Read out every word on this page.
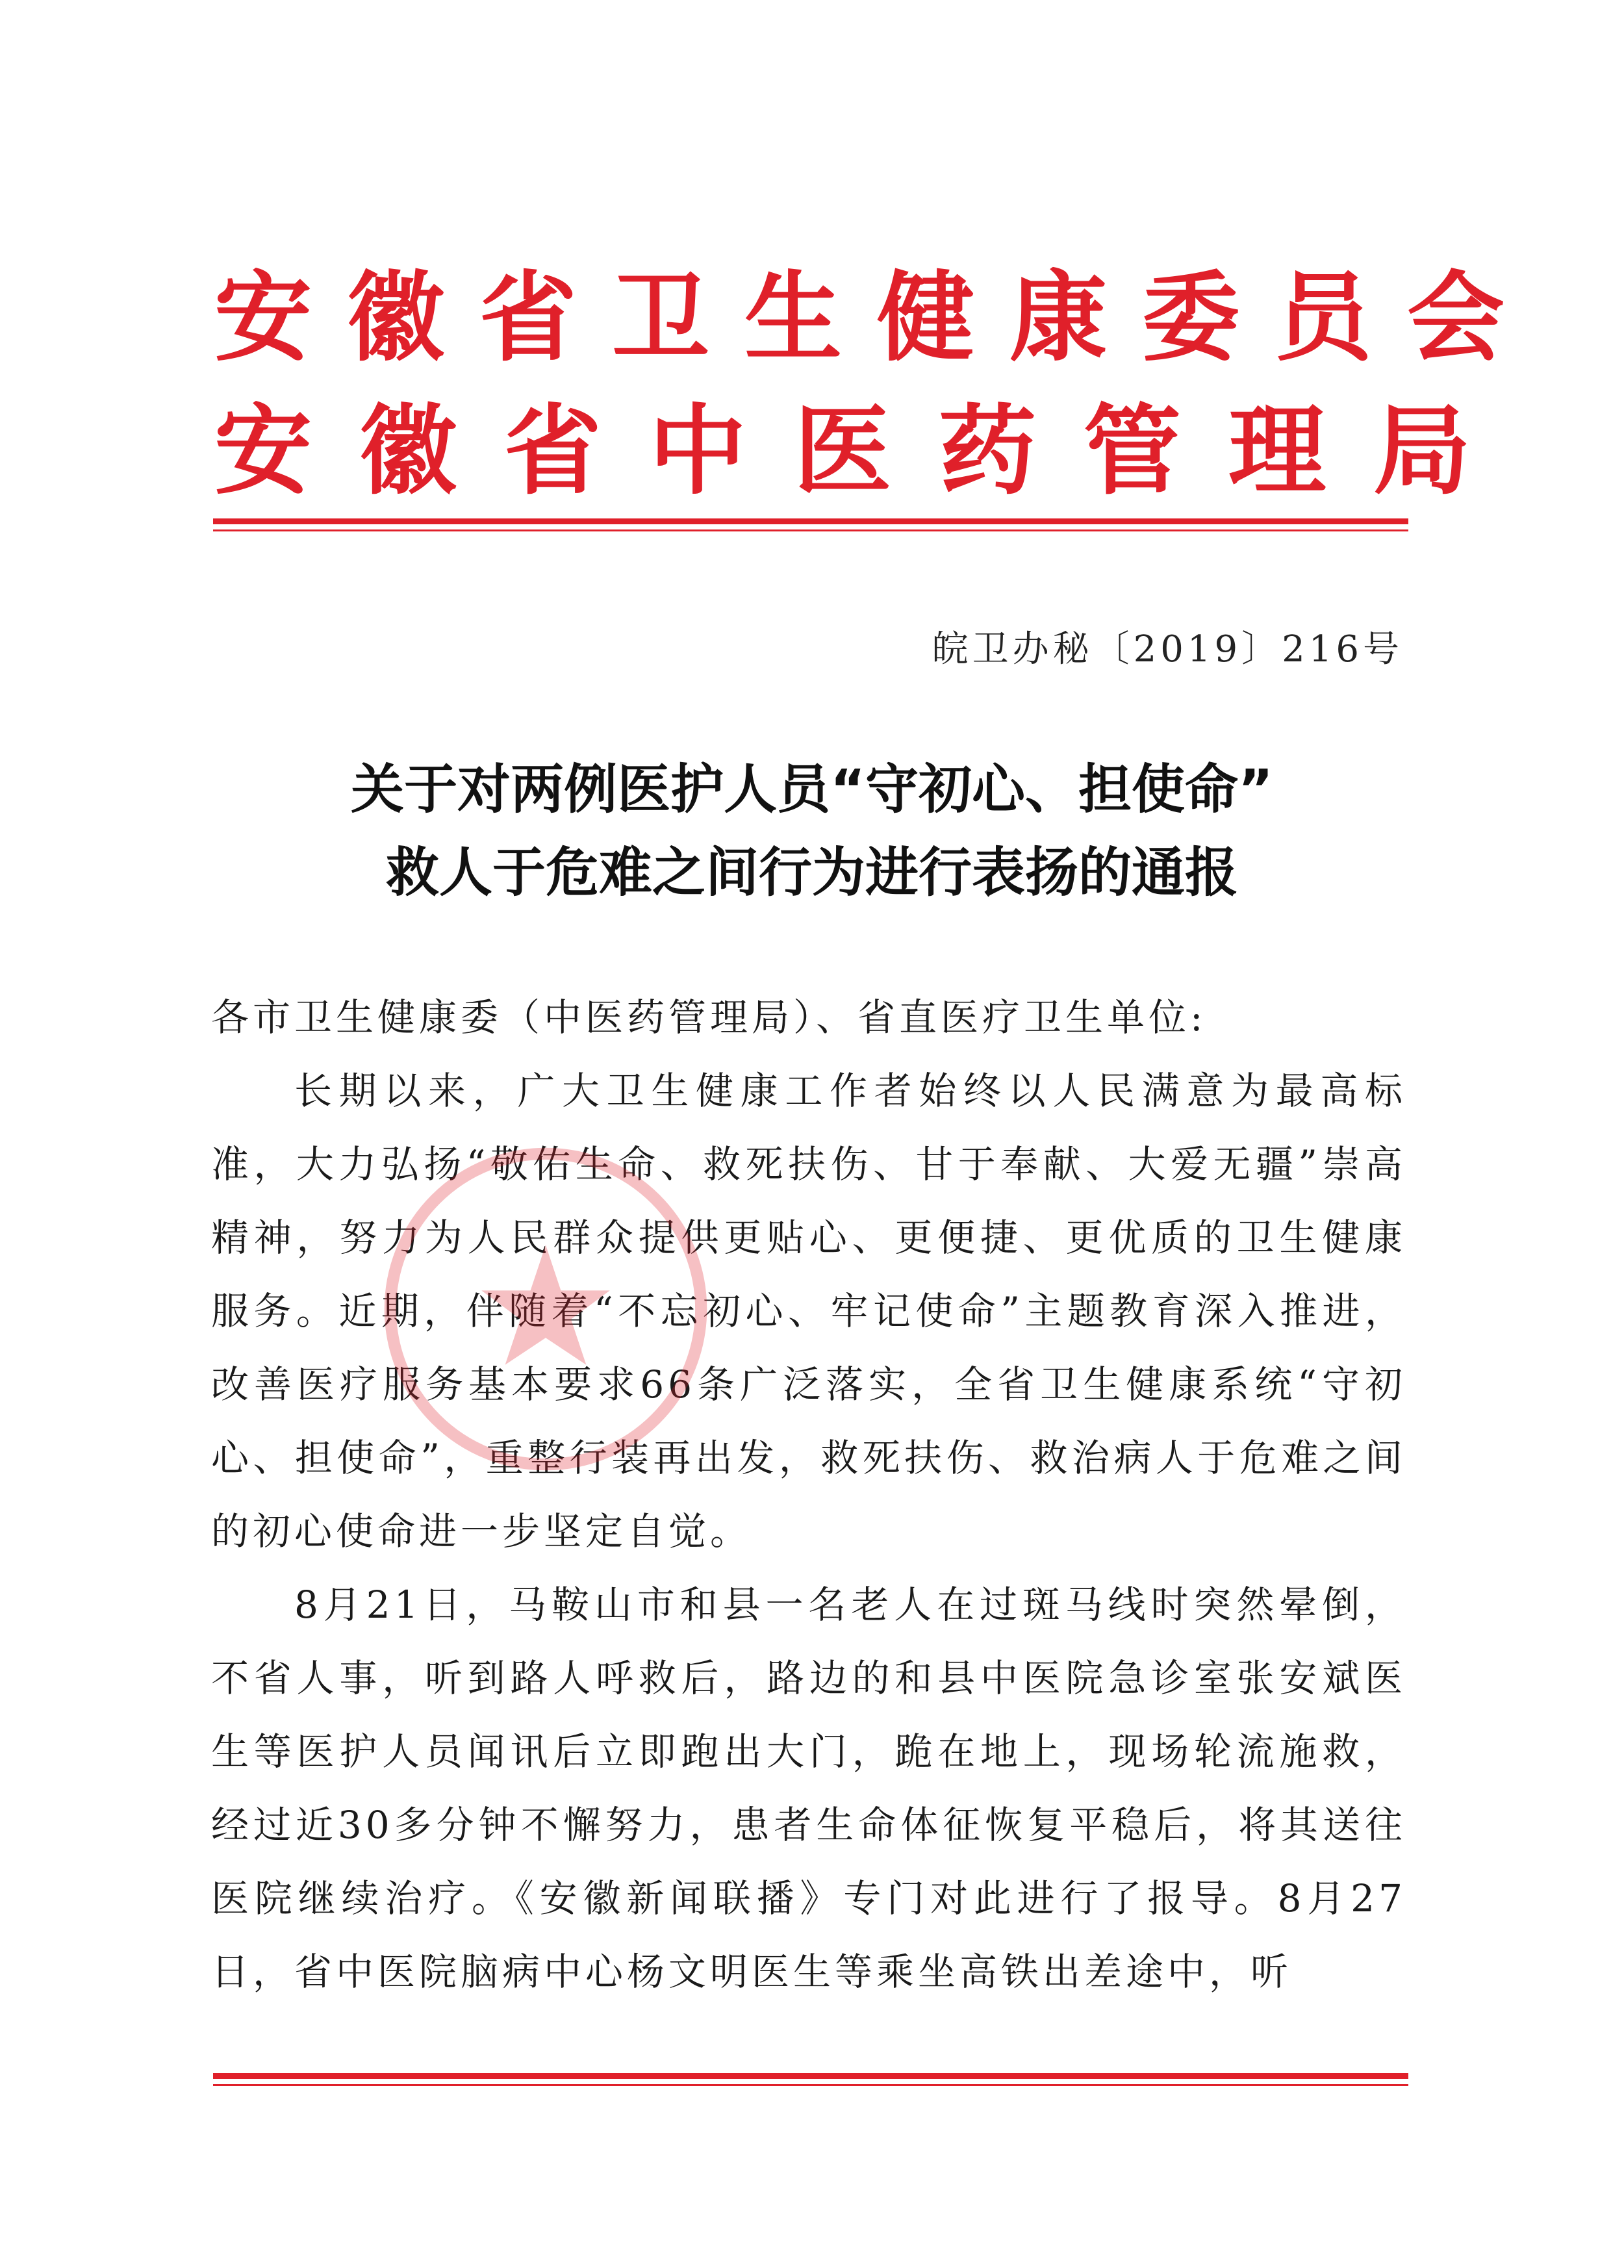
安徽省卫生健康委员会
安徽省中医药管理局
皖卫办秘〔2019〕216号
关于对两例医护人员“守初心、担使命”
救人于危难之间行为进行表扬的通报

各市卫生健康委（中医药管理局）、省直医疗卫生单位:

长期以来，广大卫生健康工作者始终以人民满意为最高标准，大力弘扬“敬佑生命、救死扶伤、甘于奉献、大爱无疆”崇高精神，努力为人民群众提供更贴心、更便捷、更优质的卫生健康服务。近期，伴随着“不忘初心、牢记使命”主题教育深入推进，改善医疗服务基本要求66条广泛落实，全省卫生健康系统“守初心、担使命”，重整行装再出发，救死扶伤、救治病人于危难之间的初心使命进一步坚定自觉。

8月21日，马鞍山市和县一名老人在过斑马线时突然晕倒，不省人事，听到路人呼救后，路边的和县中医院急诊室张安斌医生等医护人员闻讯后立即跑出大门，跪在地上，现场轮流施救，经过近30多分钟不懈努力，患者生命体征恢复平稳后，将其送往医院继续治疗。《安徽新闻联播》专门对此进行了报导。8月27日，省中医院脑病中心杨文明医生等乘坐高铁出差途中，听
